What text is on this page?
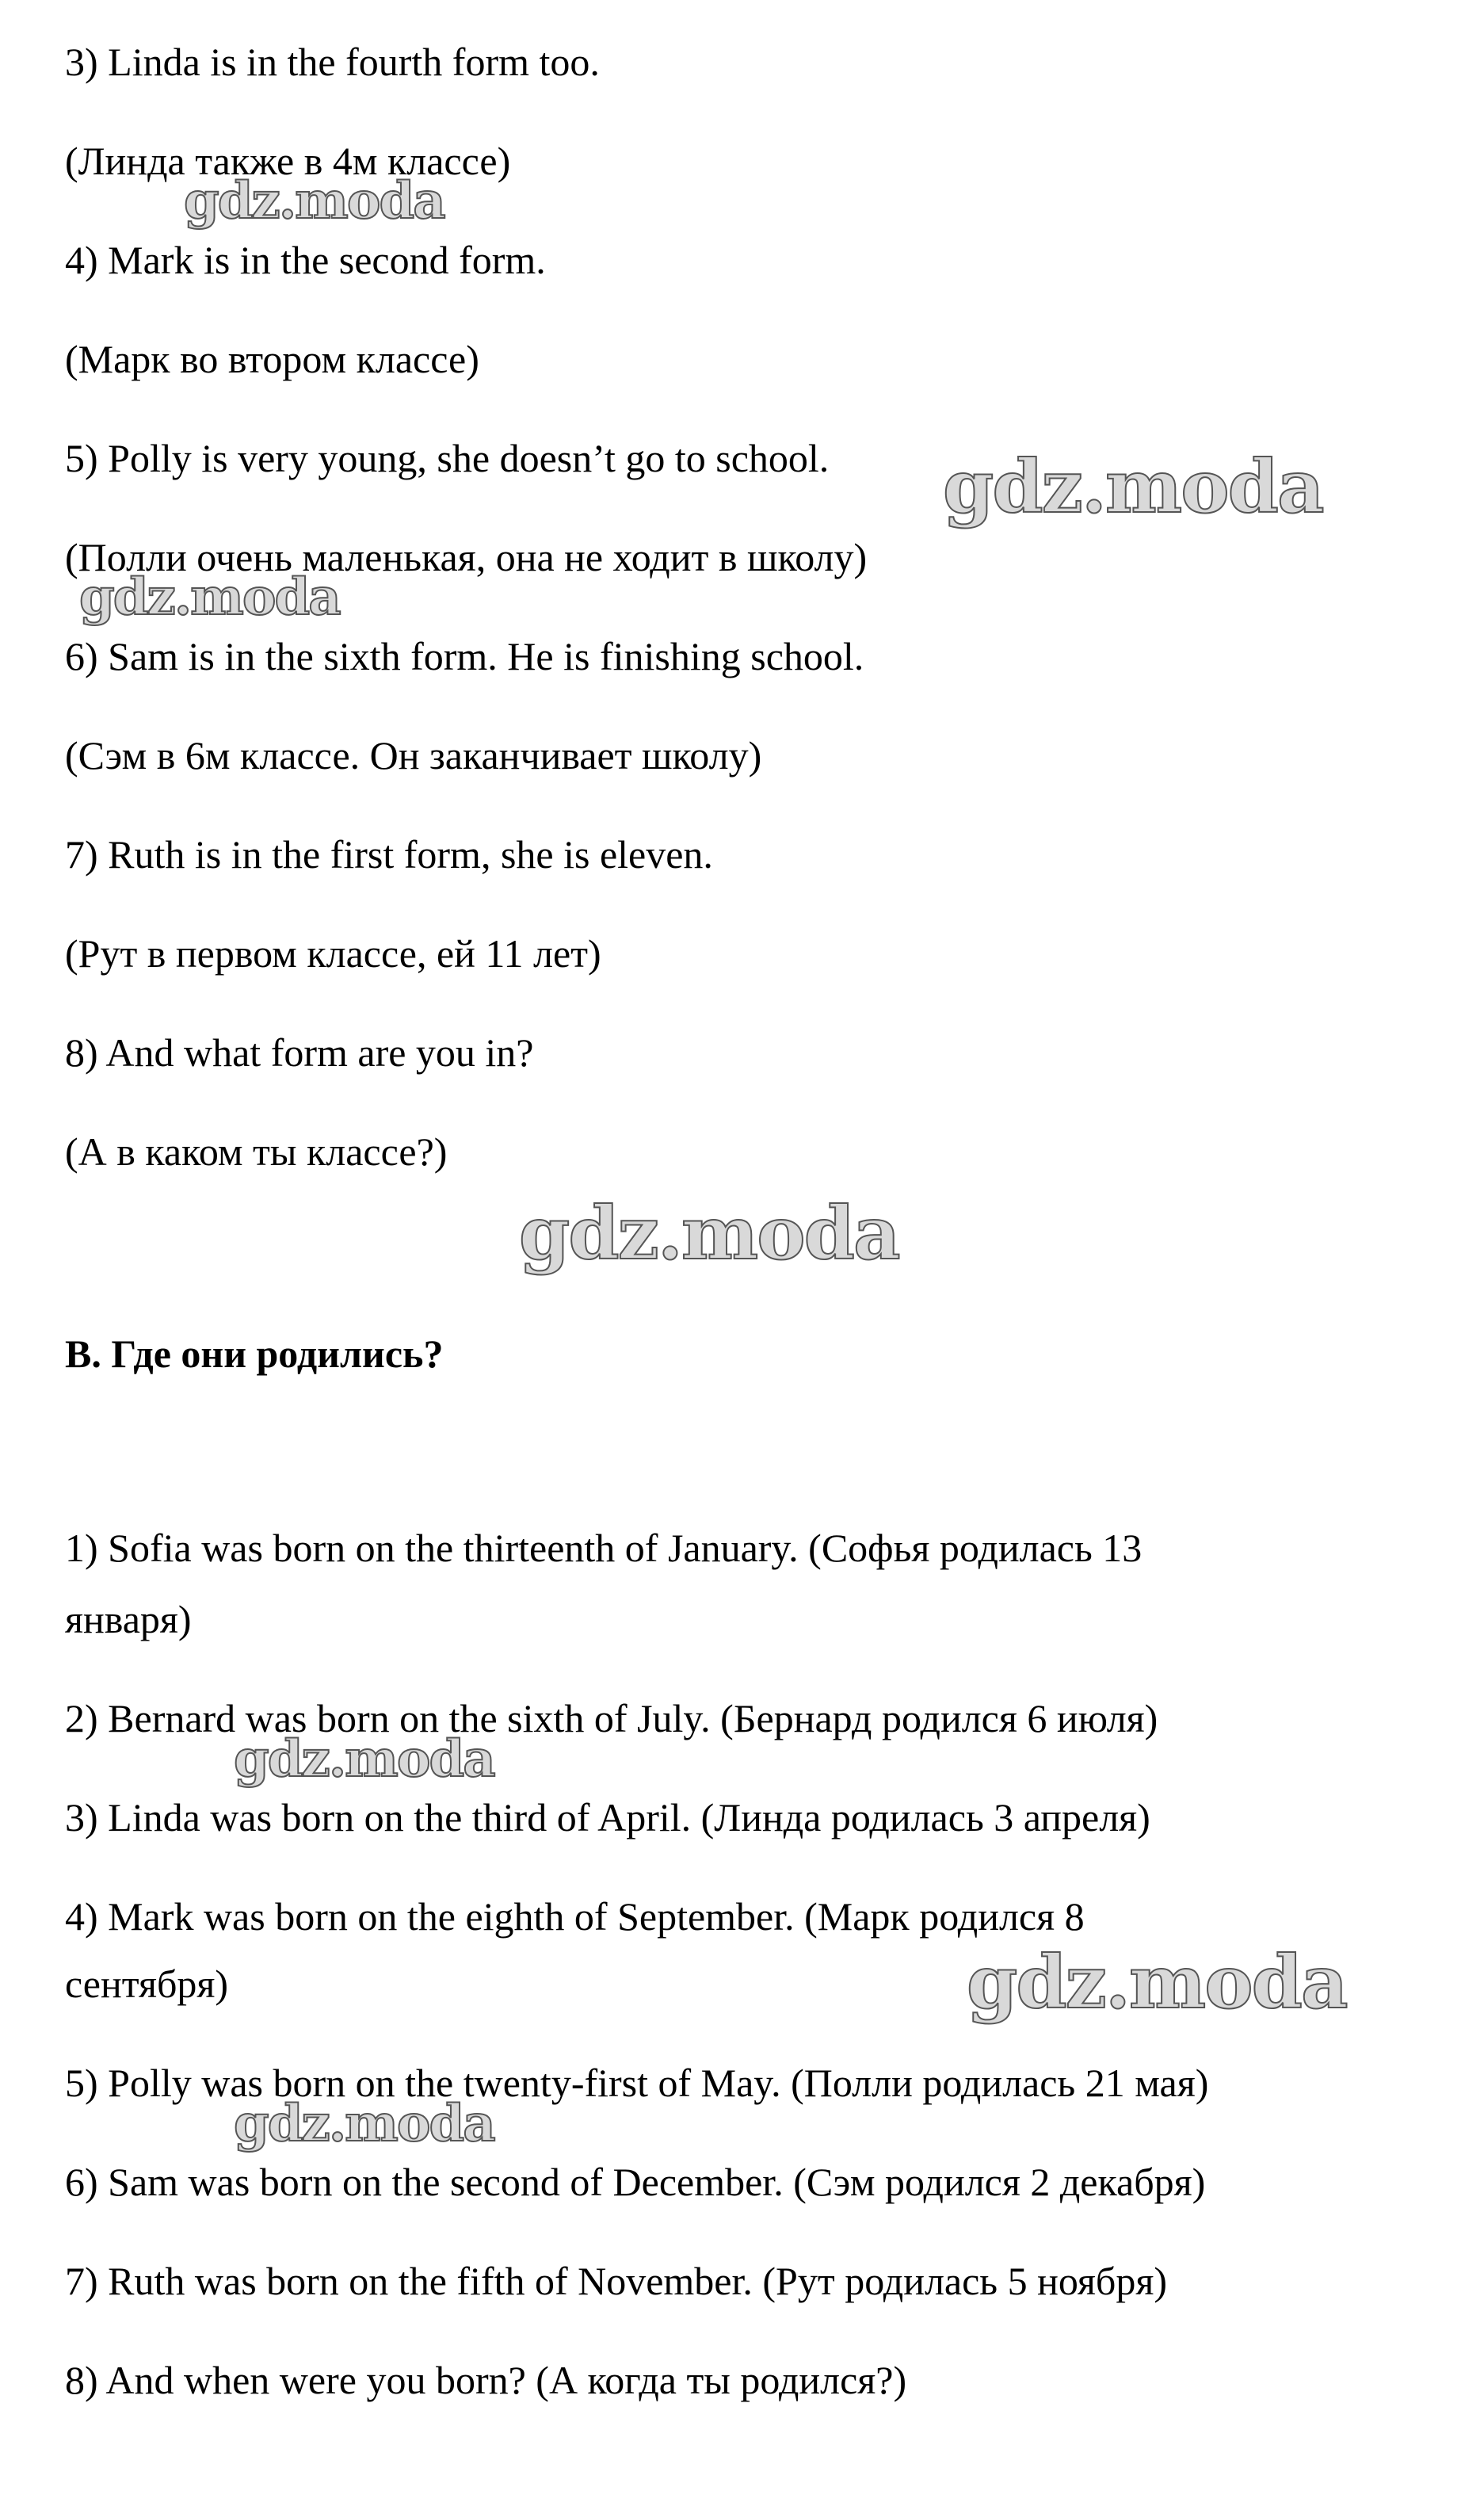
3) Linda is in the fourth form too.

(Линда также в 4м классе)

4) Mark is in the second form.

(Марк во втором классе)

5) Polly is very young, she doesn’t go to school.

(Полли очень маленькая, она не ходит в школу)

6) Sam is in the sixth form. He is finishing school.

(Сэм в 6м классе. Он заканчивает школу)

7) Ruth is in the first form, she is eleven.

(Рут в первом классе, ей 11 лет)

8) And what form are you in?

(А в каком ты классе?)

B. Где они родились?

1) Sofia was born on the thirteenth of January. (Софья родилась 13

января)

2) Bernard was born on the sixth of July. (Бернард родился 6 июля)

3) Linda was born on the third of April. (Линда родилась 3 апреля)

4) Mark was born on the eighth of September. (Марк родился 8

сентября)

5) Polly was born on the twenty-first of May. (Полли родилась 21 мая)

6) Sam was born on the second of December. (Сэм родился 2 декабря)

7) Ruth was born on the fifth of November. (Рут родилась 5 ноября)

8) And when were you born? (А когда ты родился?)

gdz.moda
gdz.moda
gdz.moda
gdz.moda
gdz.moda
gdz.moda
gdz.moda
